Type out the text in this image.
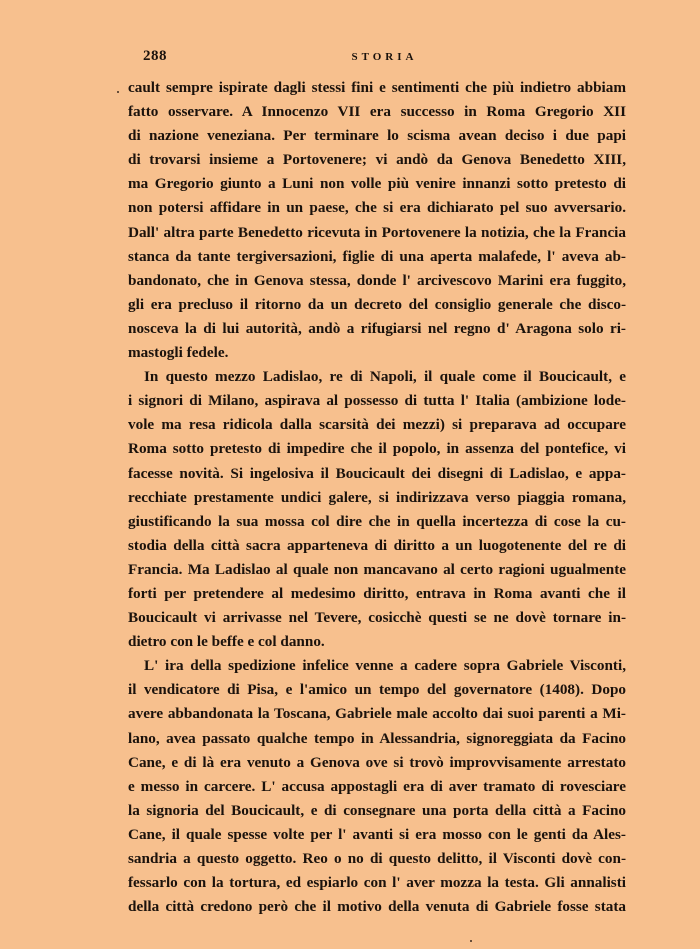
288	STORIA

cault sempre ispirate dagli stessi fini e sentimenti che più indietro abbiam
fatto osservare. A Innocenzo VII era successo in Roma Gregorio XII
di nazione veneziana. Per terminare lo scisma avean deciso i due papi
di trovarsi insieme a Portovenere; vi andò da Genova Benedetto XIII,
ma Gregorio giunto a Luni non volle più venire innanzi sotto pretesto di
non potersi affidare in un paese, che si era dichiarato pel suo avversario.
Dall' altra parte Benedetto ricevuta in Portovenere la notizia, che la Francia
stanca da tante tergiversazioni, figlie di una aperta malafede, l' aveva ab-
bandonato, che in Genova stessa, donde l' arcivescovo Marini era fuggito,
gli era precluso il ritorno da un decreto del consiglio generale che disco-
nosceva la di lui autorità, andò a rifugiarsi nel regno d' Aragona solo ri-
mastogli fedele.

In questo mezzo Ladislao, re di Napoli, il quale come il Boucicault, e
i signori di Milano, aspirava al possesso di tutta l' Italia (ambizione lode-
vole ma resa ridicola dalla scarsità dei mezzi) si preparava ad occupare
Roma sotto pretesto di impedire che il popolo, in assenza del pontefice, vi
facesse novità. Si ingelosiva il Boucicault dei disegni di Ladislao, e appa-
recchiate prestamente undici galere, si indirizzava verso piaggia romana,
giustificando la sua mossa col dire che in quella incertezza di cose la cu-
stodia della città sacra apparteneva di diritto a un luogotenente del re di
Francia. Ma Ladislao al quale non mancavano al certo ragioni ugualmente
forti per pretendere al medesimo diritto, entrava in Roma avanti che il
Boucicault vi arrivasse nel Tevere, cosicchè questi se ne dovè tornare in-
dietro con le beffe e col danno.

L' ira della spedizione infelice venne a cadere sopra Gabriele Visconti,
il vendicatore di Pisa, e l'amico un tempo del governatore (1408). Dopo
avere abbandonata la Toscana, Gabriele male accolto dai suoi parenti a Mi-
lano, avea passato qualche tempo in Alessandria, signoreggiata da Facino
Cane, e di là era venuto a Genova ove si trovò improvvisamente arrestato
e messo in carcere. L' accusa appostagli era di aver tramato di rovesciare
la signoria del Boucicault, e di consegnare una porta della città a Facino
Cane, il quale spesse volte per l' avanti si era mosso con le genti da Ales-
sandria a questo oggetto. Reo o no di questo delitto, il Visconti dovè con-
fessarlo con la tortura, ed espiarlo con l' aver mozza la testa. Gli annalisti
della città credono però che il motivo della venuta di Gabriele fosse stata
